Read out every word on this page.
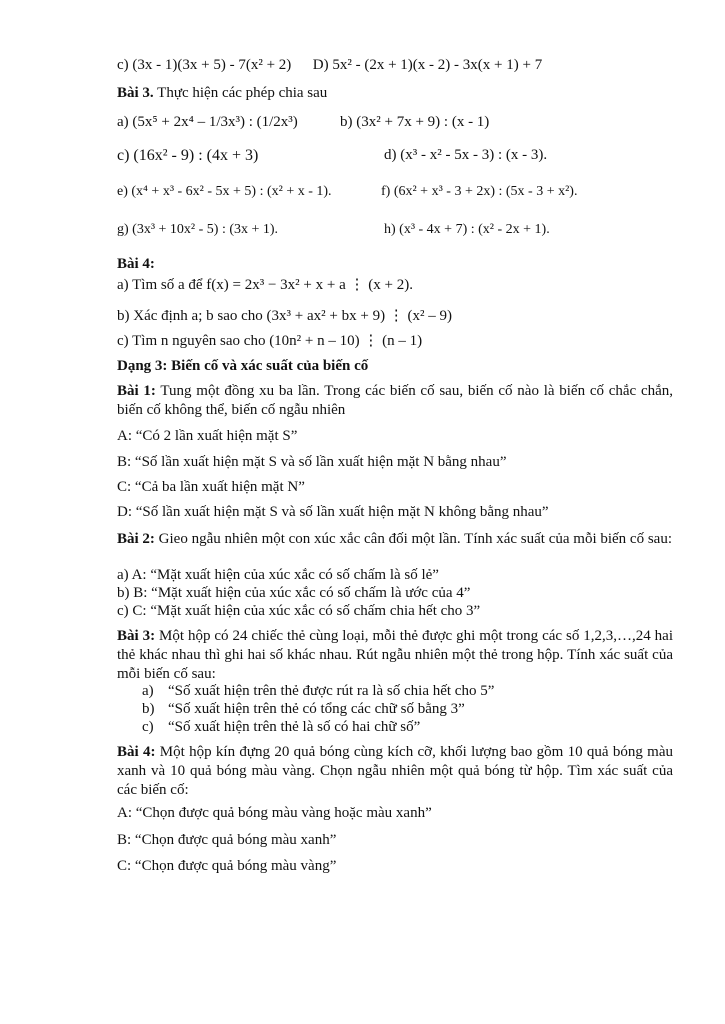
c) (3x - 1)(3x + 5) - 7(x² + 2) D) 5x² - (2x + 1)(x - 2) - 3x(x + 1) + 7
Bài 3. Thực hiện các phép chia sau
a) (5x⁵ + 2x⁴ – 1/3x³) : (1/2x³)	b) (3x² + 7x + 9) : (x - 1)
c) (16x² - 9) : (4x + 3)	d) (x³ - x² - 5x - 3) : (x - 3).
e) (x⁴ + x³ - 6x² - 5x + 5) : (x² + x - 1).	f) (6x² + x³ - 3 + 2x) : (5x - 3 + x²).
g) (3x³ + 10x² - 5) : (3x + 1).	h) (x³ - 4x + 7) : (x² - 2x + 1).
Bài 4:
a) Tìm số a để f(x) = 2x³ − 3x² + x + a ⋮ (x + 2).
b) Xác định a; b sao cho (3x³ + ax² + bx + 9) ⋮ (x² – 9)
c) Tìm n nguyên sao cho (10n² + n – 10) ⋮ (n – 1)
Dạng 3: Biến cố và xác suất của biến cố
Bài 1: Tung một đồng xu ba lần. Trong các biến cố sau, biến cố nào là biến cố chắc chắn, biến cố không thể, biến cố ngẫu nhiên
A: “Có 2 lần xuất hiện mặt S”
B: “Số lần xuất hiện mặt S và số lần xuất hiện mặt N bằng nhau”
C: “Cả ba lần xuất hiện mặt N”
D: “Số lần xuất hiện mặt S và số lần xuất hiện mặt N không bằng nhau”
Bài 2: Gieo ngẫu nhiên một con xúc xắc cân đối một lần. Tính xác suất của mỗi biến cố sau:
a) A: “Mặt xuất hiện của xúc xắc có số chấm là số lẻ”
b) B: “Mặt xuất hiện của xúc xắc có số chấm là ước của 4”
c) C: “Mặt xuất hiện của xúc xắc có số chấm chia hết cho 3”
Bài 3: Một hộp có 24 chiếc thẻ cùng loại, mỗi thẻ được ghi một trong các số 1,2,3,…,24 hai thẻ khác nhau thì ghi hai số khác nhau. Rút ngẫu nhiên một thẻ trong hộp. Tính xác suất của mỗi biến cố sau:
a) “Số xuất hiện trên thẻ được rút ra là số chia hết cho 5”
b) “Số xuất hiện trên thẻ có tổng các chữ số bằng 3”
c) “Số xuất hiện trên thẻ là số có hai chữ số”
Bài 4: Một hộp kín đựng 20 quả bóng cùng kích cỡ, khối lượng bao gồm 10 quả bóng màu xanh và 10 quả bóng màu vàng. Chọn ngẫu nhiên một quả bóng từ hộp. Tìm xác suất của các biến cố:
A: “Chọn được quả bóng màu vàng hoặc màu xanh”
B: “Chọn được quả bóng màu xanh”
C: “Chọn được quả bóng màu vàng”
